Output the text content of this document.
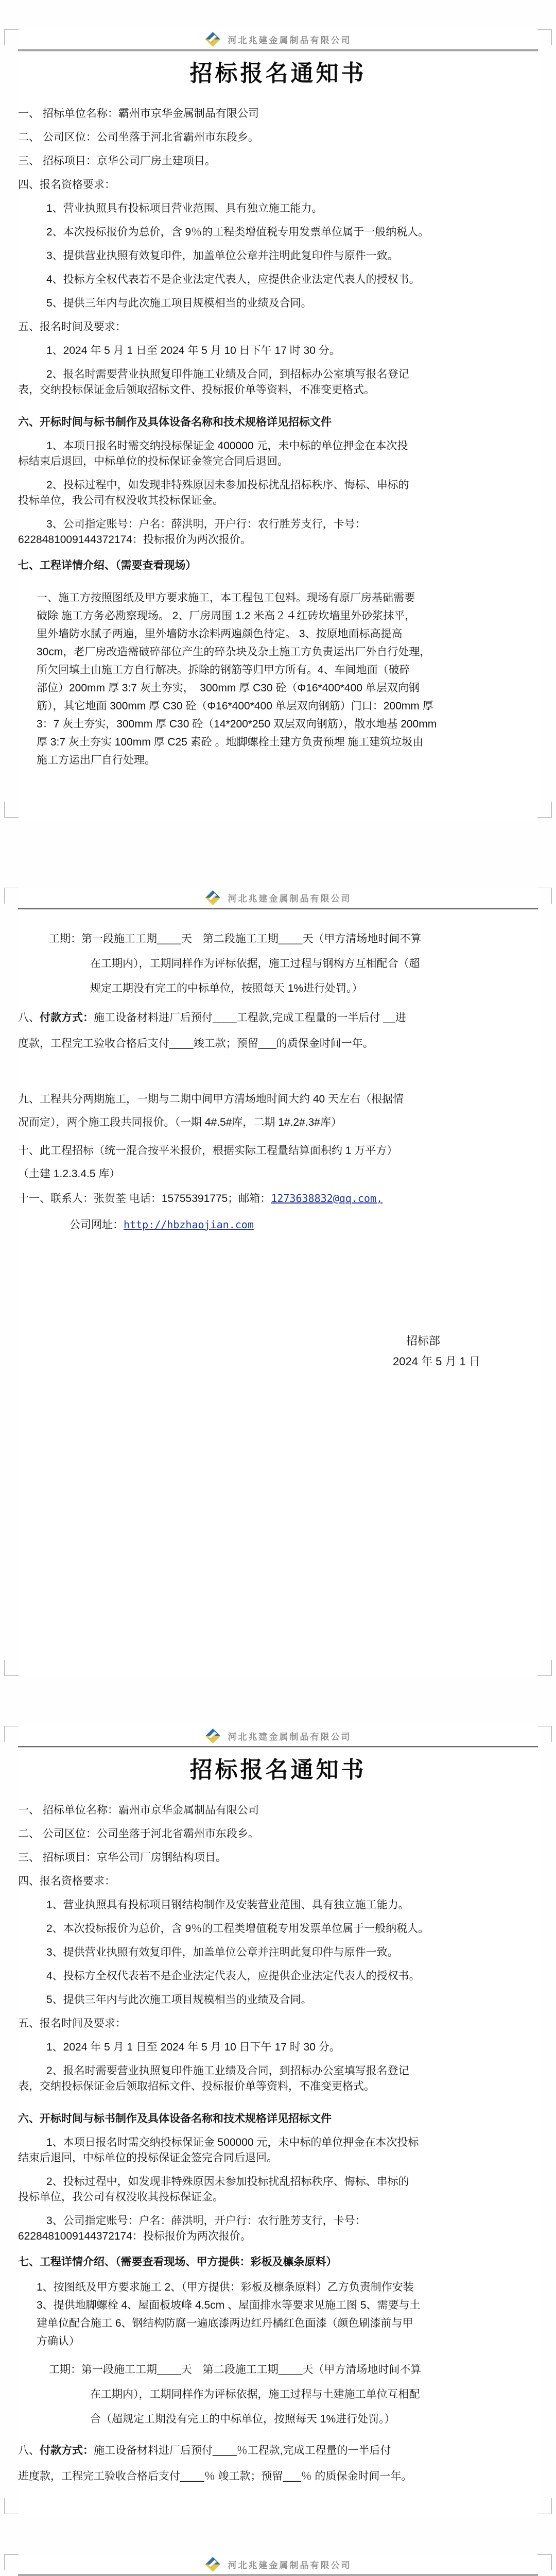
河北兆建金属制品有限公司
招标报名通知书
一、 招标单位名称：霸州市京华金属制品有限公司
二、 公司区位：公司坐落于河北省霸州市东段乡。
三、 招标项目：京华公司厂房土建项目。
四、报名资格要求：
1、营业执照具有投标项目营业范围、具有独立施工能力。
2、本次投标报价为总价，含 9％的工程类增值税专用发票单位属于一般纳税人。
3、提供营业执照有效复印件，加盖单位公章并注明此复印件与原件一致。
4、投标方全权代表若不是企业法定代表人，应提供企业法定代表人的授权书。
5、提供三年内与此次施工项目规模相当的业绩及合同。
五、报名时间及要求：
1、2024 年 5 月 1 日至 2024 年 5 月 10 日下午 17 时 30 分。
2、报名时需要营业执照复印件施工业绩及合同，到招标办公室填写报名登记
表，交纳投标保证金后领取招标文件、投标报价单等资料，不准变更格式。
六、开标时间与标书制作及具体设备名称和技术规格详见招标文件
1、本项日报名时需交纳投标保证金 400000 元，未中标的单位押金在本次投
标结束后退回，中标单位的投标保证金签完合同后退回。
2、投标过程中，如发现非特殊原因未参加投标扰乱招标秩序、悔标、串标的
投标单位，我公司有权没收其投标保证金。
3、公司指定账号：户名：薛洪明，开户行：农行胜芳支行，卡号：
6228481009144372174：投标报价为两次报价。
七、工程详情介绍、（需要查看现场）
一、施工方按照图纸及甲方要求施工，本工程包工包料。现场有原厂房基础需要
破除 施工方务必勘察现场。 2、厂房周围 1.2 米高２４红砖坎墙里外砂浆抹平，
里外墙防水腻子两遍，里外墙防水涂料两遍颜色待定。 3、按原地面标高提高
30cm，老厂房改造需破碎部位产生的碎杂块及杂土施工方负责运出厂外自行处理，
所欠回填土由施工方自行解决。拆除的钢筋等归甲方所有。4、车间地面（破碎
部位）200mm 厚 3:7 灰土夯实，  300mm 厚 C30 砼（Φ16*400*400 单层双向钢
筋），其它地面 300mm 厚 C30 砼（Φ16*400*400 单层双向钢筋）门口：200mm 厚
3：7 灰土夯实，300mm 厚 C30 砼（14*200*250 双层双向钢筋），散水地基 200mm
厚 3:7 灰土夯实 100mm 厚 C25 素砼 。地脚螺栓土建方负责预埋 施工建筑垃圾由
施工方运出厂自行处理。
河北兆建金属制品有限公司
工期：第一段施工工期____天　第二段施工工期____天（甲方清场地时间不算
在工期内），工期同样作为评标依据，施工过程与钢构方互相配合（超
规定工期没有完工的中标单位，按照每天 1%进行处罚。）
八、付款方式：施工设备材料进厂后预付____工程款,完成工程量的一半后付 __进
度款，工程完工验收合格后支付____竣工款；预留___的质保金时间一年。
九、工程共分两期施工，一期与二期中间甲方清场地时间大约 40 天左右（根据情
况而定），两个施工段共同报价。（一期 4#.5#库，二期 1#.2#.3#库）
十、此工程招标（统一混合按平米报价，根据实际工程量结算面积约 1 万平方）
（土建 1.2.3.4.5 库）
十一、联系人：张贺荃 电话：15755391775；邮箱：1273638832@qq.com,
公司网址：http://hbzhaojian.com
招标部
2024 年 5 月 1 日
河北兆建金属制品有限公司
招标报名通知书
一、 招标单位名称：霸州市京华金属制品有限公司
二、 公司区位：公司坐落于河北省霸州市东段乡。
三、 招标项目：京华公司厂房钢结构项目。
四、报名资格要求：
1、营业执照具有投标项目钢结构制作及安装营业范围、具有独立施工能力。
2、本次投标报价为总价，含 9％的工程类增值税专用发票单位属于一般纳税人。
3、提供营业执照有效复印件，加盖单位公章并注明此复印件与原件一致。
4、投标方全权代表若不是企业法定代表人，应提供企业法定代表人的授权书。
5、提供三年内与此次施工项目规模相当的业绩及合同。
五、报名时间及要求：
1、2024 年 5 月 1 日至 2024 年 5 月 10 日下午 17 时 30 分。
2、报名时需要营业执照复印件施工业绩及合同，到招标办公室填写报名登记
表，交纳投标保证金后领取招标文件、投标报价单等资料，不准变更格式。
六、开标时间与标书制作及具体设备名称和技术规格详见招标文件
1、本项日报名时需交纳投标保证金 500000 元，未中标的单位押金在本次投标
结束后退回，中标单位的投标保证金签完合同后退回。
2、投标过程中，如发现非特殊原因未参加投标扰乱招标秩序、悔标、串标的
投标单位，我公司有权没收其投标保证金。
3、公司指定账号：户名：薛洪明，开户行：农行胜芳支行，卡号：
6228481009144372174：投标报价为两次报价。
七、工程详情介绍、（需要查看现场、甲方提供：彩板及檩条原料）
1、按图纸及甲方要求施工 2、（甲方提供：彩板及檩条原料）乙方负责制作安装
3、提供地脚螺栓 4、屋面板坡峰 4.5cm 、屋面排水等要求见施工图 5、需要与土
建单位配合施工 6、钢结构防腐一遍底漆两边红丹橘红色面漆（颜色刷漆前与甲
方确认）
工期：第一段施工工期____天　第二段施工工期____天（甲方清场地时间不算
在工期内），工期同样作为评标依据，施工过程与土建施工单位互相配
合（超规定工期没有完工的中标单位，按照每天 1%进行处罚。）
八、付款方式：施工设备材料进厂后预付____％工程款,完成工程量的一半后付
进度款，工程完工验收合格后支付____％ 竣工款；预留___％ 的质保金时间一年。
河北兆建金属制品有限公司
